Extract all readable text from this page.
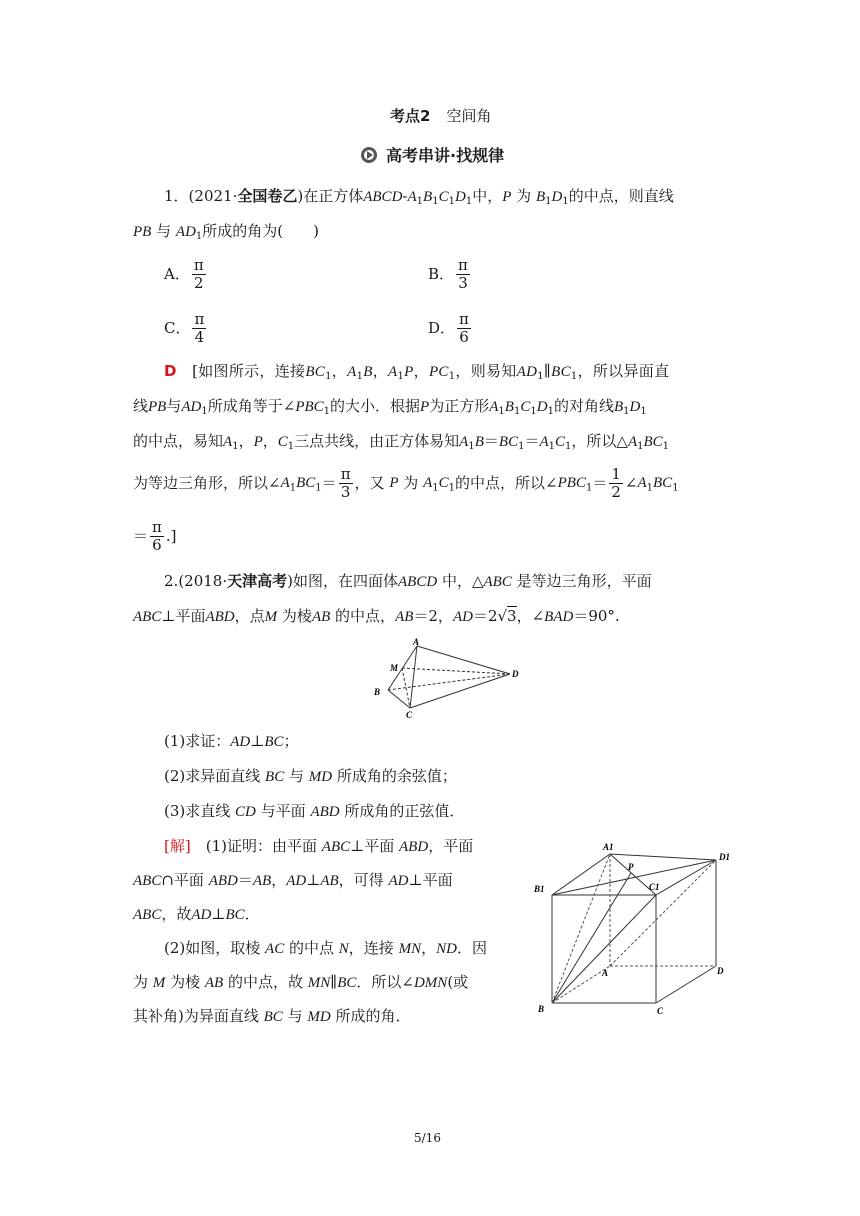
考点2 空间角
高考串讲·找规律
1．(2021·全国卷乙)在正方体ABCD-$A_1B_1C_1D_1$中，P 为 $B_1D_1$的中点，则直线
PB 与 $AD_1$所成的角为(　　)
A． $\frac{\pi}{2}$	B． $\frac{\pi}{3}$
C． $\frac{\pi}{4}$	D． $\frac{\pi}{6}$
D　 [如图所示，连接$BC_1$，$A_1B$，$A_1P$，$PC_1$，则易知$AD_1\parallel BC_1$，所以异面直
线PB与$AD_1$所成角等于$\angle PBC_1$的大小．根据P为正方形$A_1B_1C_1D_1$的对角线$B_1D_1$
的中点，易知$A_1$，P，$C_1$三点共线，由正方体易知$A_1B=BC_1=A_1C_1$，所以$\triangle A_1BC_1$
为等边三角形，所以$\angle A_1BC_1= \frac{\pi}{3}$ ，又 P 为 $A_1C_1$的中点，所以$\angle PBC_1= \frac{1}{2}$ $\angle A_1BC_1$
＝ $\frac{\pi}{6}$ .]
2.(2018·天津高考)如图，在四面体ABCD 中，△ABC 是等边三角形，平面
ABC⊥平面ABD，点M 为棱AB 的中点，AB＝2，AD＝2√3，∠BAD＝90°.
A
M
B
C
D
(1)求证：AD⊥BC；
(2)求异面直线 BC 与 MD 所成角的余弦值；
(3)求直线 CD 与平面 ABD 所成角的正弦值．
[解]　 (1)证明：由平面 ABC⊥平面 ABD，平面
ABC∩平面 ABD＝AB，AD⊥AB，可得 AD⊥平面
ABC，故AD⊥BC．
(2)如图，取棱 AC 的中点 N，连接 MN，ND．因
为 M 为棱 AB 的中点，故 MN∥BC．所以∠DMN(或
其补角)为异面直线 BC 与 MD 所成的角．
A1
D1
B1
P
C1
A	D
B	C
5/16
